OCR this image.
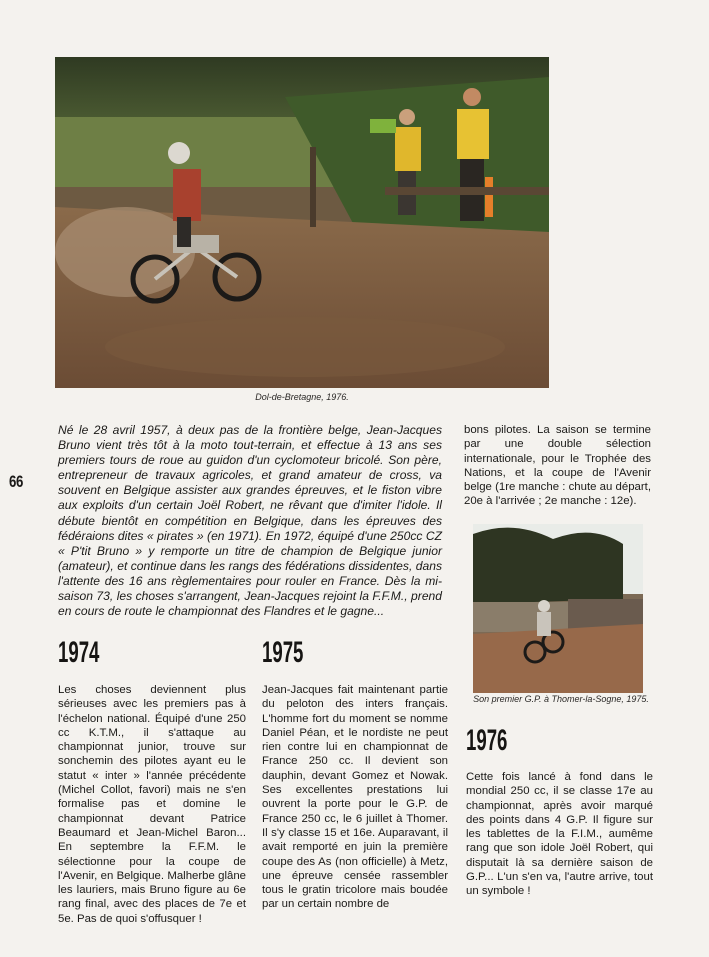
Dol-de-Bretagne, 1976.
66

Né le 28 avril 1957, à deux pas de la frontière belge, Jean-Jacques Bruno vient très tôt à la moto tout-terrain, et effectue à 13 ans ses premiers tours de roue au guidon d'un cyclomoteur bricolé. Son père, entrepreneur de travaux agricoles, et grand amateur de cross, va souvent en Belgique assister aux grandes épreuves, et le fiston vibre aux exploits d'un certain Joël Robert, ne rêvant que d'imiter l'idole. Il débute bientôt en compétition en Belgique, dans les épreuves des fédéraions dites « pirates » (en 1971). En 1972, équipé d'une 250cc CZ « P'tit Bruno » y remporte un titre de champion de Belgique junior (amateur), et continue dans les rangs des fédérations dissidentes, dans l'attente des 16 ans règlementaires pour rouler en France. Dès la mi-saison 73, les choses s'arrangent, Jean-Jacques rejoint la F.F.M., prend en cours de route le championnat des Flandres et le gagne...

1974

Les choses deviennent plus sérieuses avec les premiers pas à l'échelon national. Équipé d'une 250 cc K.T.M., il s'attaque au championnat junior, trouve sur sonchemin des pilotes ayant eu le statut « inter » l'année précédente (Michel Collot, favori) mais ne s'en formalise pas et domine le championnat devant Patrice Beaumard et Jean-Michel Baron... En septembre la F.F.M. le sélectionne pour la coupe de l'Avenir, en Belgique. Malherbe glâne les lauriers, mais Bruno figure au 6e rang final, avec des places de 7e et 5e. Pas de quoi s'offusquer !

1975

Jean-Jacques fait maintenant partie du peloton des inters français. L'homme fort du moment se nomme Daniel Péan, et le nordiste ne peut rien contre lui en championnat de France 250 cc. Il devient son dauphin, devant Gomez et Nowak. Ses excellentes prestations lui ouvrent la porte pour le G.P. de France 250 cc, le 6 juillet à Thomer. Il s'y classe 15 et 16e. Auparavant, il avait remporté en juin la première coupe des As (non officielle) à Metz, une épreuve censée rassembler tous le gratin tricolore mais boudée par un certain nombre de

bons pilotes. La saison se termine par une double sélection internationale, pour le Trophée des Nations, et la coupe de l'Avenir belge (1re manche : chute au départ, 20e à l'arrivée ; 2e manche : 12e).

Son premier G.P. à Thomer-la-Sogne, 1975.
1976

Cette fois lancé à fond dans le mondial 250 cc, il se classe 17e au championnat, après avoir marqué des points dans 4 G.P. Il figure sur les tablettes de la F.I.M., aumême rang que son idole Joël Robert, qui disputait là sa dernière saison de G.P... L'un s'en va, l'autre arrive, tout un symbole !
